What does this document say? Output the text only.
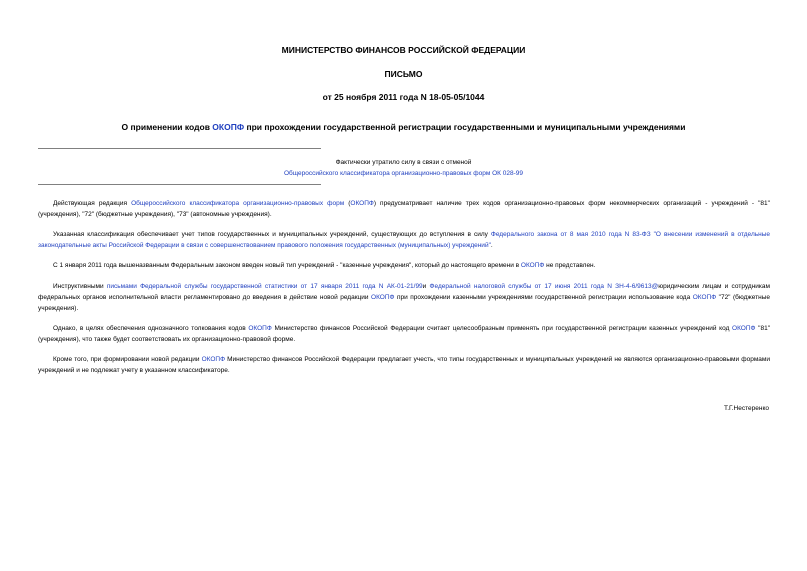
МИНИСТЕРСТВО ФИНАНСОВ РОССИЙСКОЙ ФЕДЕРАЦИИ
ПИСЬМО
от 25 ноября 2011 года N 18-05-05/1044
О применении кодов ОКОПФ при прохождении государственной регистрации государственными и муниципальными учреждениями
Фактически утратило силу в связи с отменой
Общероссийского классификатора организационно-правовых форм ОК 028-99
Действующая редакция Общероссийского классификатора организационно-правовых форм (ОКОПФ) предусматривает наличие трех кодов организационно-правовых форм некоммерческих организаций - учреждений - "81" (учреждения), "72" (бюджетные учреждения), "73" (автономные учреждения).
Указанная классификация обеспечивает учет типов государственных и муниципальных учреждений, существующих до вступления в силу Федерального закона от 8 мая 2010 года N 83-ФЗ "О внесении изменений в отдельные законодательные акты Российской Федерации в связи с совершенствованием правового положения государственных (муниципальных) учреждений".
С 1 января 2011 года вышеназванным Федеральным законом введен новый тип учреждений - "казенные учреждения", который до настоящего времени в ОКОПФ не представлен.
Инструктивными письмами Федеральной службы государственной статистики от 17 января 2011 года N АК-01-21/99и Федеральной налоговой службы от 17 июня 2011 года N ЗН-4-6/9613@юридическим лицам и сотрудникам федеральных органов исполнительной власти регламентировано до введения в действие новой редакции ОКОПФ при прохождении казенными учреждениями государственной регистрации использование кода ОКОПФ "72" (бюджетные учреждения).
Однако, в целях обеспечения однозначного толкования кодов ОКОПФ Министерство финансов Российской Федерации считает целесообразным применять при государственной регистрации казенных учреждений код ОКОПФ "81" (учреждения), что также будет соответствовать их организационно-правовой форме.
Кроме того, при формировании новой редакции ОКОПФ Министерство финансов Российской Федерации предлагает учесть, что типы государственных и муниципальных учреждений не являются организационно-правовыми формами учреждений и не подлежат учету в указанном классификаторе.
Т.Г.Нестеренко
